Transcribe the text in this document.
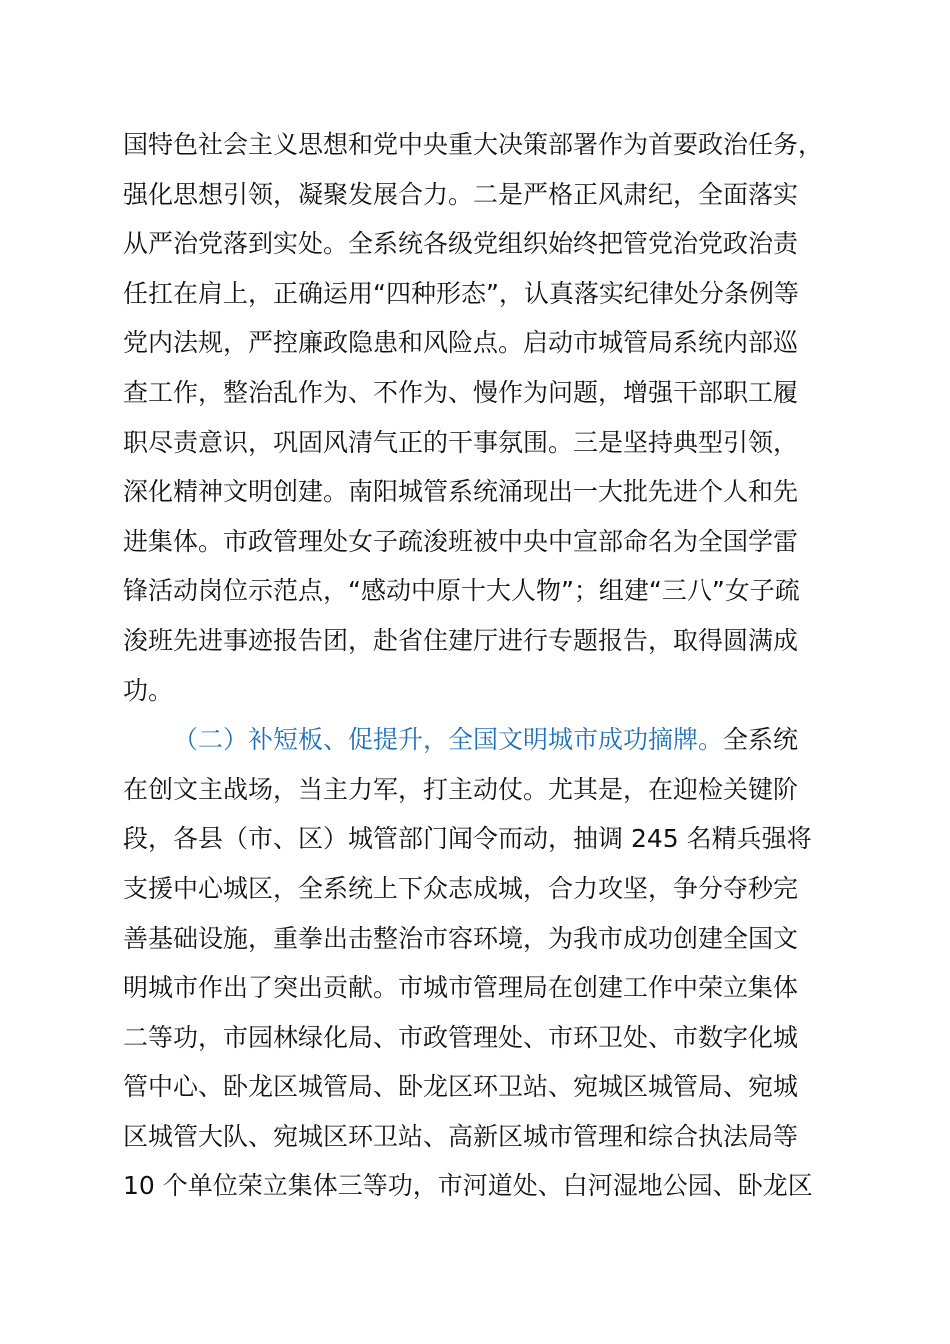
国特色社会主义思想和党中央重大决策部署作为首要政治任务，
强化思想引领，凝聚发展合力。二是严格正风肃纪，全面落实
从严治党落到实处。全系统各级党组织始终把管党治党政治责
任扛在肩上，正确运用“四种形态”，认真落实纪律处分条例等
党内法规，严控廉政隐患和风险点。启动市城管局系统内部巡
查工作，整治乱作为、不作为、慢作为问题，增强干部职工履
职尽责意识，巩固风清气正的干事氛围。三是坚持典型引领，
深化精神文明创建。南阳城管系统涌现出一大批先进个人和先
进集体。市政管理处女子疏浚班被中央中宣部命名为全国学雷
锋活动岗位示范点，“感动中原十大人物”；组建“三八”女子疏
浚班先进事迹报告团，赴省住建厅进行专题报告，取得圆满成
功。
（二）补短板、促提升，全国文明城市成功摘牌。全系统
在创文主战场，当主力军，打主动仗。尤其是，在迎检关键阶
段，各县（市、区）城管部门闻令而动，抽调 245 名精兵强将
支援中心城区，全系统上下众志成城，合力攻坚，争分夺秒完
善基础设施，重拳出击整治市容环境，为我市成功创建全国文
明城市作出了突出贡献。市城市管理局在创建工作中荣立集体
二等功，市园林绿化局、市政管理处、市环卫处、市数字化城
管中心、卧龙区城管局、卧龙区环卫站、宛城区城管局、宛城
区城管大队、宛城区环卫站、高新区城市管理和综合执法局等
10 个单位荣立集体三等功，市河道处、白河湿地公园、卧龙区
